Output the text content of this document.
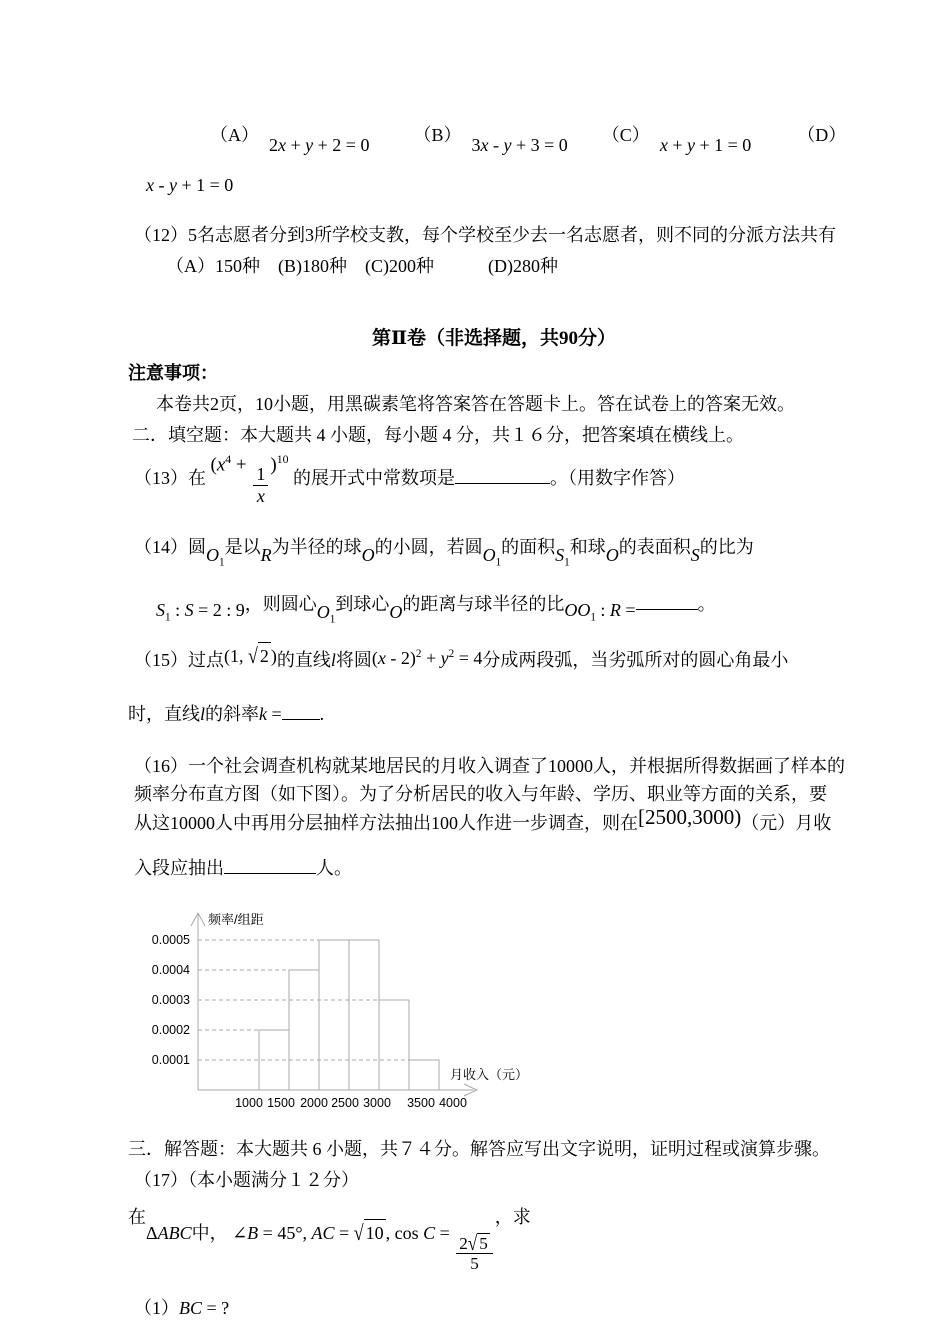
（A） 2x + y + 2 = 0 （B） 3x - y + 3 = 0 （C） x + y + 1 = 0	（D）
x - y + 1 = 0
（12）5名志愿者分到3所学校支教，每个学校至少去一名志愿者，则不同的分派方法共有
（A）150种　(B)180种　(C)200种　　　(D)280种
第Ⅱ卷（非选择题，共90分）
注意事项：
本卷共2页，10小题，用黑碳素笔将答案答在答题卡上。答在试卷上的答案无效。
二．填空题：本大题共 4 小题，每小题 4 分，共１６分，把答案填在横线上。
（13）在 $(x^4 + \frac{1}{x} )^{10}$ 的展开式中常数项是	。（用数字作答）
（14）圆$O_1$是以R为半径的球O的小圆，若圆$O_1$的面积$S_1$和球O的表面积S的比为
$S_1$ : S = 2 : 9，则圆心$O_1$到球心O的距离与球半径的比$OO_1$ : R =	。
（15）过点(1, √ 2 )的直线l将圆$(x - 2)^2 + y^2 = 4$分成两段弧，当劣弧所对的圆心角最小
时，直线l的斜率k = .
（16）一个社会调查机构就某地居民的月收入调查了10000人，并根据所得数据画了样本的
频率分布直方图（如下图）。为了分析居民的收入与年龄、学历、职业等方面的关系，要
从这10000人中再用分层抽样方法抽出100人作进一步调查，则在[2500,3000)（元）月收
入段应抽出	人。
0.0001
0.0002
0.0003
0.0004
0.0005
1000 1500 2000 2500 3000 3500 4000
频率/组距
月收入（元）
三．解答题：本大题共 6 小题，共７４分。解答应写出文字说明，证明过程或演算步骤。
（17）（本小题满分１２分）
在ΔABC中， ∠B = 45°, AC = √ 10 , $\cos C = \frac{2√ 5}{5}$
，求
（1）BC = ?
